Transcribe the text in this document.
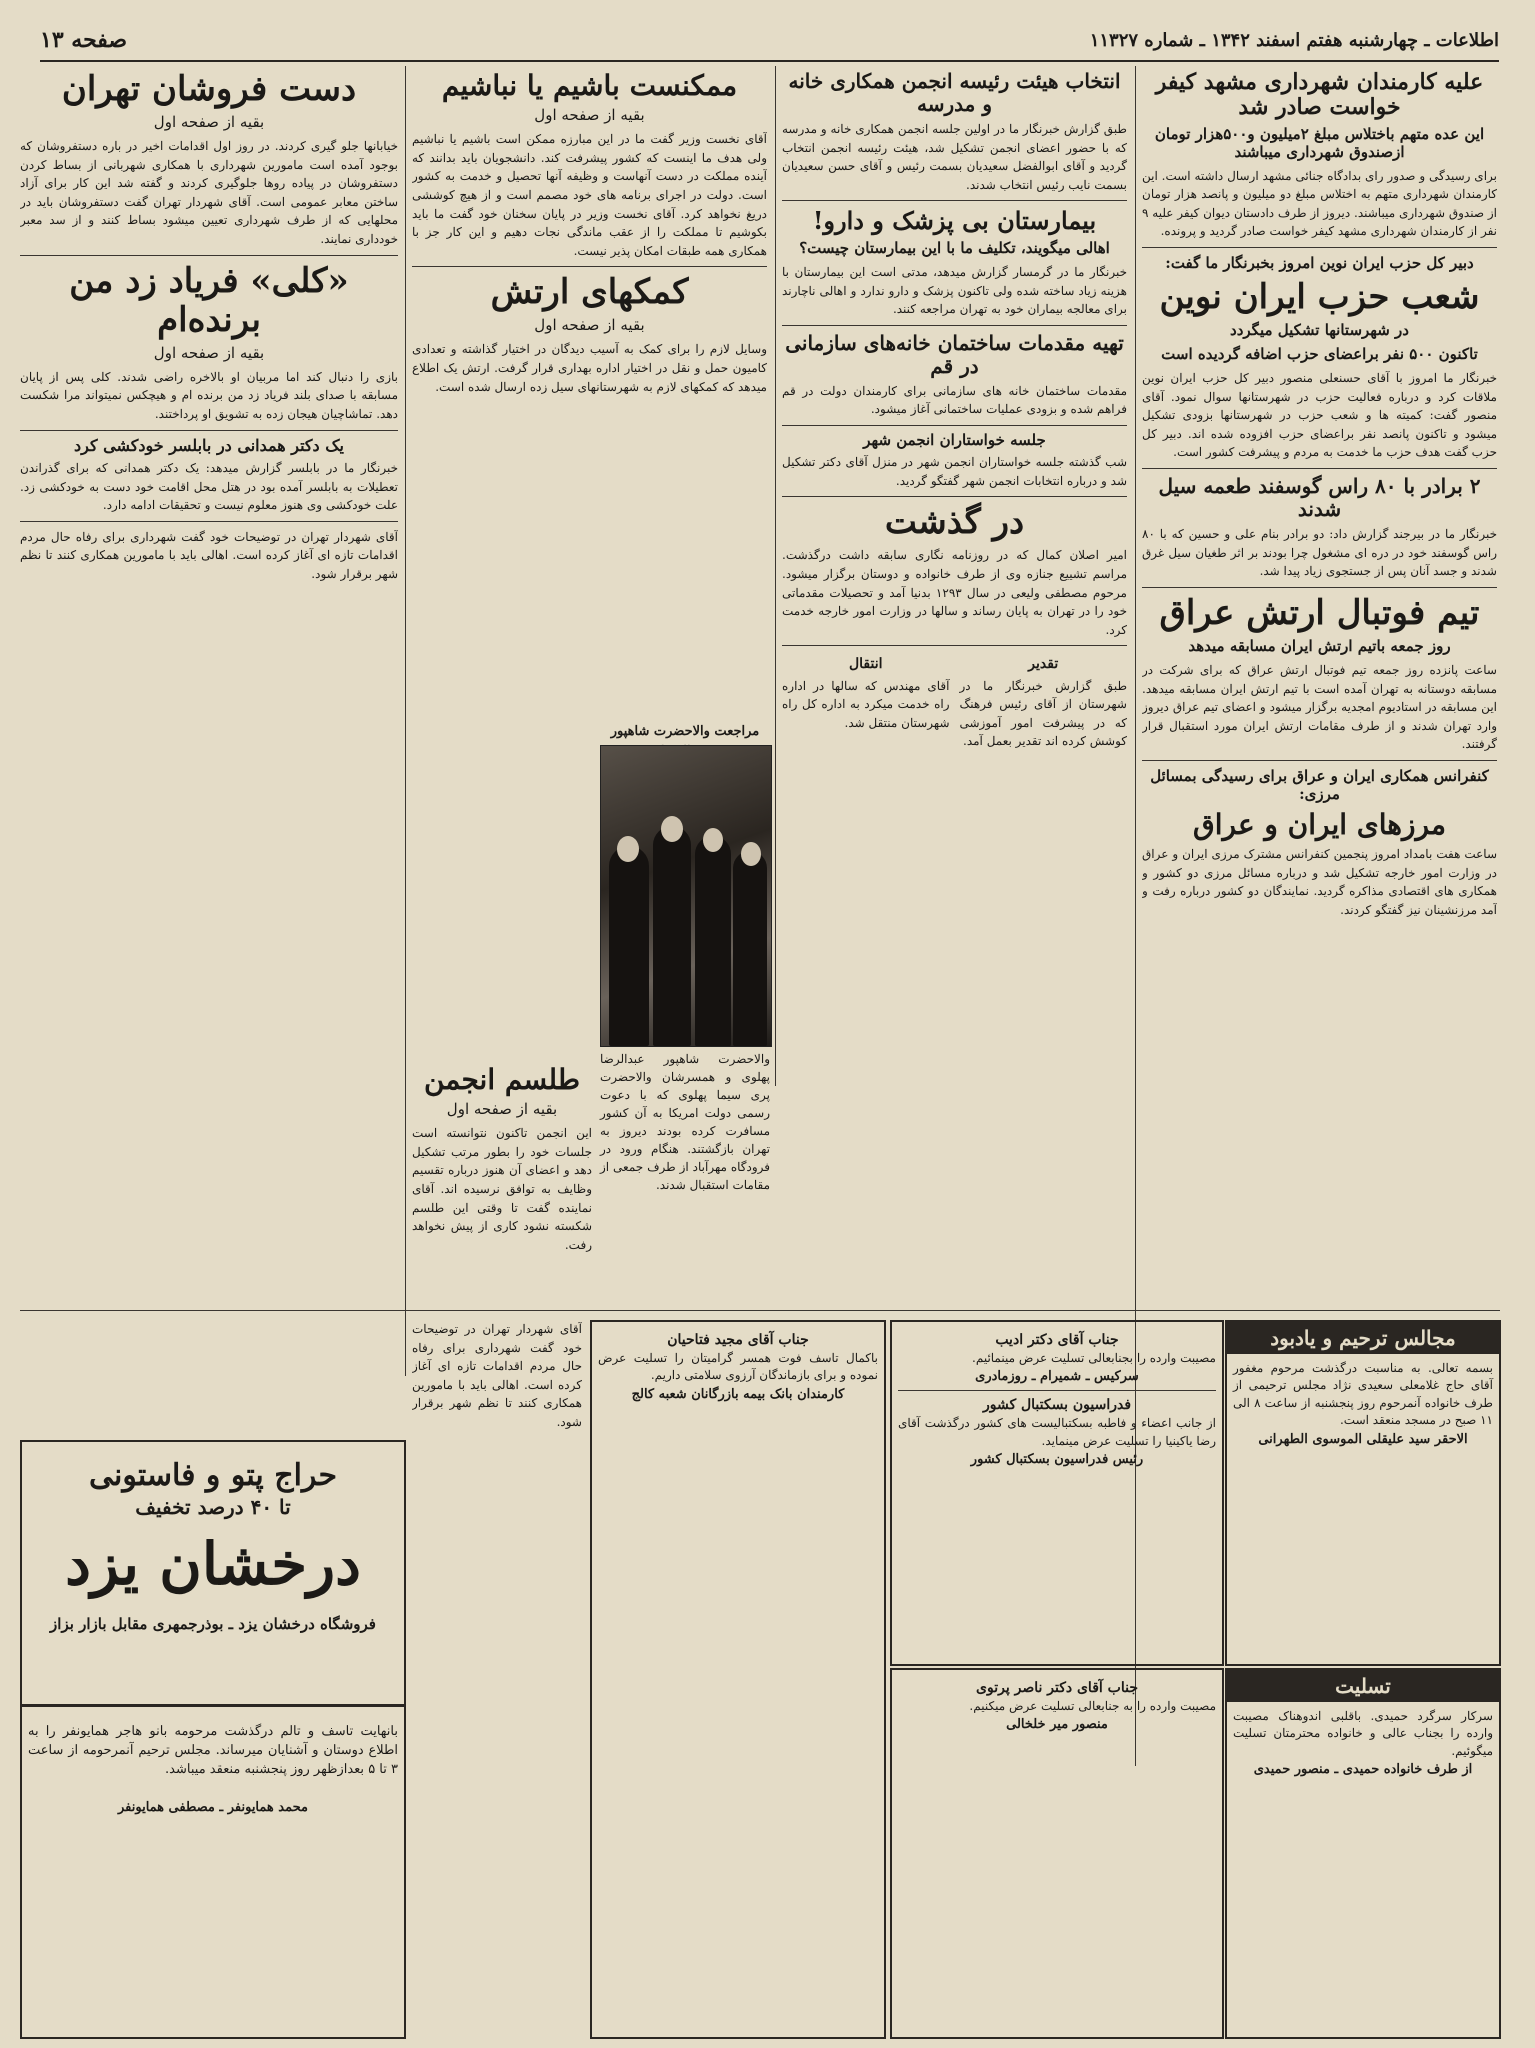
اطلاعات ـ چهارشنبه هفتم اسفند ۱۳۴۲ ـ شماره ۱۱۳۲۷
صفحه ۱۳
علیه کارمندان شهرداری مشهد کیفر خواست صادر شد
این عده متهم باختلاس مبلغ ۲میلیون و۵۰۰هزار تومان ازصندوق شهرداری میباشند
برای رسیدگی و صدور رای بدادگاه جنائی مشهد ارسال داشته است. این کارمندان شهرداری متهم به اختلاس مبلغ دو میلیون و پانصد هزار تومان از صندوق شهرداری میباشند. دیروز از طرف دادستان دیوان کیفر علیه ۹ نفر از کارمندان شهرداری مشهد کیفر خواست صادر گردید و پرونده.
دبیر کل حزب ایران نوین امروز بخبرنگار ما گفت:
شعب حزب ایران نوین
در شهرستانها تشکیل میگردد
تاکنون ۵۰۰ نفر براعضای حزب اضافه گردیده است
خبرنگار ما امروز با آقای حسنعلی منصور دبیر کل حزب ایران نوین ملاقات کرد و درباره فعالیت حزب در شهرستانها سوال نمود. آقای منصور گفت: کمیته ها و شعب حزب در شهرستانها بزودی تشکیل میشود و تاکنون پانصد نفر براعضای حزب افزوده شده اند. دبیر کل حزب گفت هدف حزب ما خدمت به مردم و پیشرفت کشور است.
۲ برادر با ۸۰ راس گوسفند طعمه سیل شدند
خبرنگار ما در بیرجند گزارش داد: دو برادر بنام علی و حسین که با ۸۰ راس گوسفند خود در دره ای مشغول چرا بودند بر اثر طغیان سیل غرق شدند و جسد آنان پس از جستجوی زیاد پیدا شد.
تیم فوتبال ارتش عراق
روز جمعه باتیم ارتش ایران مسابقه میدهد
ساعت پانزده روز جمعه تیم فوتبال ارتش عراق که برای شرکت در مسابقه دوستانه به تهران آمده است با تیم ارتش ایران مسابقه میدهد. این مسابقه در استادیوم امجدیه برگزار میشود و اعضای تیم عراق دیروز وارد تهران شدند و از طرف مقامات ارتش ایران مورد استقبال قرار گرفتند.
کنفرانس همکاری ایران و عراق برای رسیدگی بمسائل مرزی:
مرزهای ایران و عراق
ساعت هفت بامداد امروز پنجمین کنفرانس مشترک مرزی ایران و عراق در وزارت امور خارجه تشکیل شد و درباره مسائل مرزی دو کشور و همکاری های اقتصادی مذاکره گردید. نمایندگان دو کشور درباره رفت و آمد مرزنشینان نیز گفتگو کردند.
انتخاب هیئت رئیسه انجمن همکاری خانه و مدرسه
طبق گزارش خبرنگار ما در اولین جلسه انجمن همکاری خانه و مدرسه که با حضور اعضای انجمن تشکیل شد، هیئت رئیسه انجمن انتخاب گردید و آقای ابوالفضل سعیدیان بسمت رئیس و آقای حسن سعیدیان بسمت نایب رئیس انتخاب شدند.
بیمارستان بی پزشک و دارو!
اهالی میگویند، تکلیف ما با این بیمارستان چیست؟
خبرنگار ما در گرمسار گزارش میدهد، مدتی است این بیمارستان با هزینه زیاد ساخته شده ولی تاکنون پزشک و دارو ندارد و اهالی ناچارند برای معالجه بیماران خود به تهران مراجعه کنند.
تهیه مقدمات ساختمان خانه‌های سازمانی در قم
مقدمات ساختمان خانه های سازمانی برای کارمندان دولت در قم فراهم شده و بزودی عملیات ساختمانی آغاز میشود.
جلسه خواستاران انجمن شهر
شب گذشته جلسه خواستاران انجمن شهر در منزل آقای دکتر تشکیل شد و درباره انتخابات انجمن شهر گفتگو گردید.
در گذشت
امیر اصلان کمال که در روزنامه نگاری سابقه داشت درگذشت. مراسم تشییع جنازه وی از طرف خانواده و دوستان برگزار میشود. مرحوم مصطفی ولیعی در سال ۱۲۹۳ بدنیا آمد و تحصیلات مقدماتی خود را در تهران به پایان رساند و سالها در وزارت امور خارجه خدمت کرد.
تقدیر
طبق گزارش خبرنگار ما در شهرستان از آقای رئیس فرهنگ که در پیشرفت امور آموزشی کوشش کرده اند تقدیر بعمل آمد.
انتقال
آقای مهندس که سالها در اداره راه خدمت میکرد به اداره کل راه شهرستان منتقل شد.
ممکنست باشیم یا نباشیم
بقیه از صفحه اول
آقای نخست وزیر گفت ما در این مبارزه ممکن است باشیم یا نباشیم ولی هدف ما اینست که کشور پیشرفت کند. دانشجویان باید بدانند که آینده مملکت در دست آنهاست و وظیفه آنها تحصیل و خدمت به کشور است. دولت در اجرای برنامه های خود مصمم است و از هیچ کوششی دریغ نخواهد کرد. آقای نخست وزیر در پایان سخنان خود گفت ما باید بکوشیم تا مملکت را از عقب ماندگی نجات دهیم و این کار جز با همکاری همه طبقات امکان پذیر نیست.
کمکهای ارتش
بقیه از صفحه اول
وسایل لازم را برای کمک به آسیب دیدگان در اختیار گذاشته و تعدادی کامیون حمل و نقل در اختیار اداره بهداری قرار گرفت. ارتش یک اطلاع میدهد که کمکهای لازم به شهرستانهای سیل زده ارسال شده است.
مراجعت والاحضرت شاهپور
والاحضرت شاهپور عبدالرضا پهلوی و همسرشان والاحضرت پری سیما پهلوی که با دعوت رسمی دولت امریکا به آن کشور مسافرت کرده بودند دیروز به تهران بازگشتند. هنگام ورود در فرودگاه مهرآباد از طرف جمعی از مقامات استقبال شدند.
طلسم انجمن
بقیه از صفحه اول
این انجمن تاکنون نتوانسته است جلسات خود را بطور مرتب تشکیل دهد و اعضای آن هنوز درباره تقسیم وظایف به توافق نرسیده اند. آقای نماینده گفت تا وقتی این طلسم شکسته نشود کاری از پیش نخواهد رفت.
دست فروشان تهران
بقیه از صفحه اول
خیابانها جلو گیری کردند. در روز اول اقدامات اخیر در باره دستفروشان که بوجود آمده است مامورین شهرداری با همکاری شهربانی از بساط کردن دستفروشان در پیاده روها جلوگیری کردند و گفته شد این کار برای آزاد ساختن معابر عمومی است. آقای شهردار تهران گفت دستفروشان باید در محلهایی که از طرف شهرداری تعیین میشود بساط کنند و از سد معبر خودداری نمایند.
«کلی» فریاد زد من برنده‌ام
بقیه از صفحه اول
بازی را دنبال کند اما مربیان او بالاخره راضی شدند. کلی پس از پایان مسابقه با صدای بلند فریاد زد من برنده ام و هیچکس نمیتواند مرا شکست دهد. تماشاچیان هیجان زده به تشویق او پرداختند.
یک دکتر همدانی در بابلسر خودکشی کرد
خبرنگار ما در بابلسر گزارش میدهد: یک دکتر همدانی که برای گذراندن تعطیلات به بابلسر آمده بود در هتل محل اقامت خود دست به خودکشی زد. علت خودکشی وی هنوز معلوم نیست و تحقیقات ادامه دارد.
آقای شهردار تهران در توضیحات خود گفت شهرداری برای رفاه حال مردم اقدامات تازه ای آغاز کرده است. اهالی باید با مامورین همکاری کنند تا نظم شهر برقرار شود.
مجالس ترحیم و یادبود
بسمه تعالی. به مناسبت درگذشت مرحوم مغفور آقای حاج غلامعلی سعیدی نژاد مجلس ترحیمی از طرف خانواده آنمرحوم روز پنجشنبه از ساعت ۸ الی ۱۱ صبح در مسجد منعقد است.
الاحقر سید علیقلی الموسوی الطهرانی
تسلیت
سرکار سرگرد حمیدی. باقلبی اندوهناک مصیبت وارده را بجناب عالی و خانواده محترمتان تسلیت میگوئیم.
از طرف خانواده حمیدی ـ منصور حمیدی
جناب آقای دکتر ادیب
مصیبت وارده را بجنابعالی تسلیت عرض مینمائیم.
سرکیس ـ شمیرام ـ روزمادری
فدراسیون بسکتبال کشور
از جانب اعضاء و فاطبه بسکتبالیست های کشور درگذشت آقای رضا یاکینیا را تسلیت عرض مینماید.
رئیس فدراسیون بسکتبال کشور
جناب آقای دکتر ناصر پرتوی
مصیبت وارده را به جنابعالی تسلیت عرض میکنیم.
منصور میر خلخالی
جناب آقای مجید فتاحیان
باکمال تاسف فوت همسر گرامیتان را تسلیت عرض نموده و برای بازماندگان آرزوی سلامتی داریم.
کارمندان بانک بیمه بازرگانان شعبه کالج
حراج پتو و فاستونی
تا ۴۰ درصد تخفیف
درخشان یزد
فروشگاه درخشان یزد ـ بوذرجمهری مقابل بازار بزاز
بانهایت تاسف و تالم درگذشت مرحومه بانو هاجر همایونفر را به اطلاع دوستان و آشنایان میرساند. مجلس ترحیم آنمرحومه از ساعت ۳ تا ۵ بعدازظهر روز پنجشنبه منعقد میباشد.
محمد همایونفر ـ مصطفی همایونفر
آقای شهردار تهران در توضیحات خود گفت شهرداری برای رفاه حال مردم اقدامات تازه ای آغاز کرده است. اهالی باید با مامورین همکاری کنند تا نظم شهر برقرار شود.
